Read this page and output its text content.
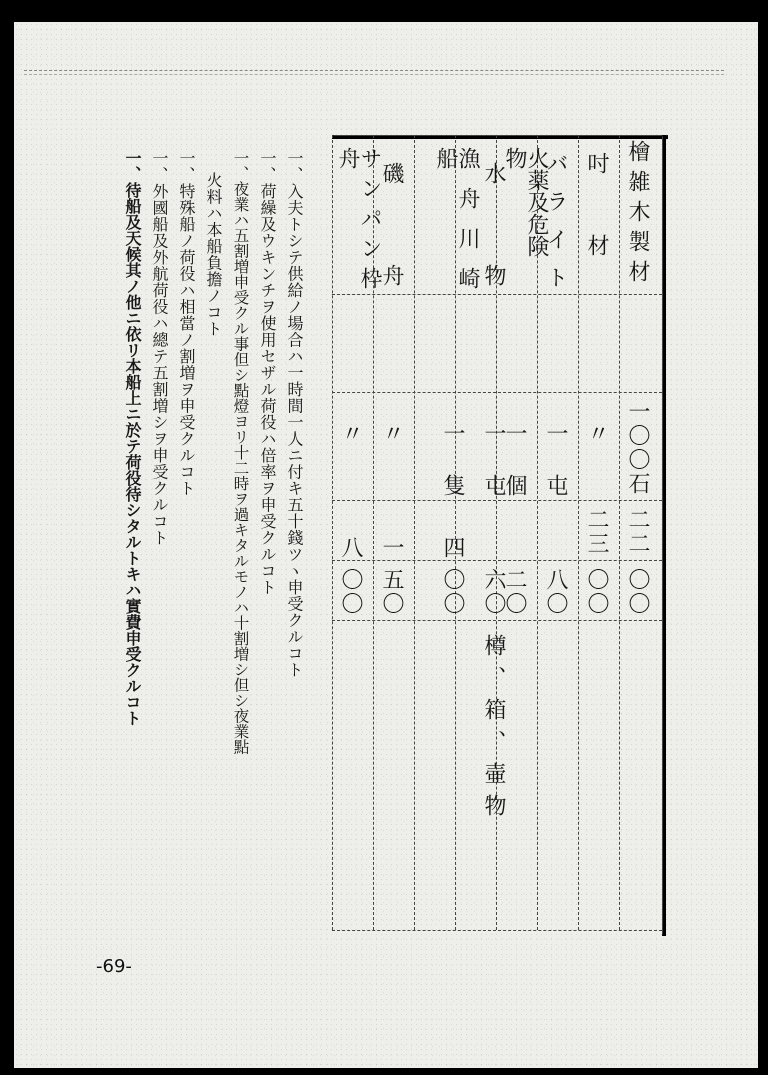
檜雑木製材
一〇〇石
二二
〇〇
吋材
〃
二三
〇〇
バライト
一屯
八〇
火薬及危険物
一個
二〇
水物
一屯
六〇
樽、箱、壷物
漁舟川崎船
一隻
四
〇〇
磯舟
〃
一
五〇
サンパン枠舟
〃
八
〇〇
一、入夫トシテ供給ノ場合ハ一時間一人ニ付キ五十錢ツヽ申受クルコト
一、荷繰及ウキンチヲ使用セザル荷役ハ倍率ヲ申受クルコト
一、夜業ハ五割増申受クル事但シ點燈ヨリ十二時ヲ過キタルモノハ十割増シ但シ夜業點
火料ハ本船負擔ノコト
一、特殊船ノ荷役ハ相當ノ割増ヲ申受クルコト
一、外國船及外航荷役ハ總テ五割増シヲ申受クルコト
一、待船及天候其ノ他ニ依リ本船上ニ於テ荷役待シタルトキハ實費申受クルコト
-69-
